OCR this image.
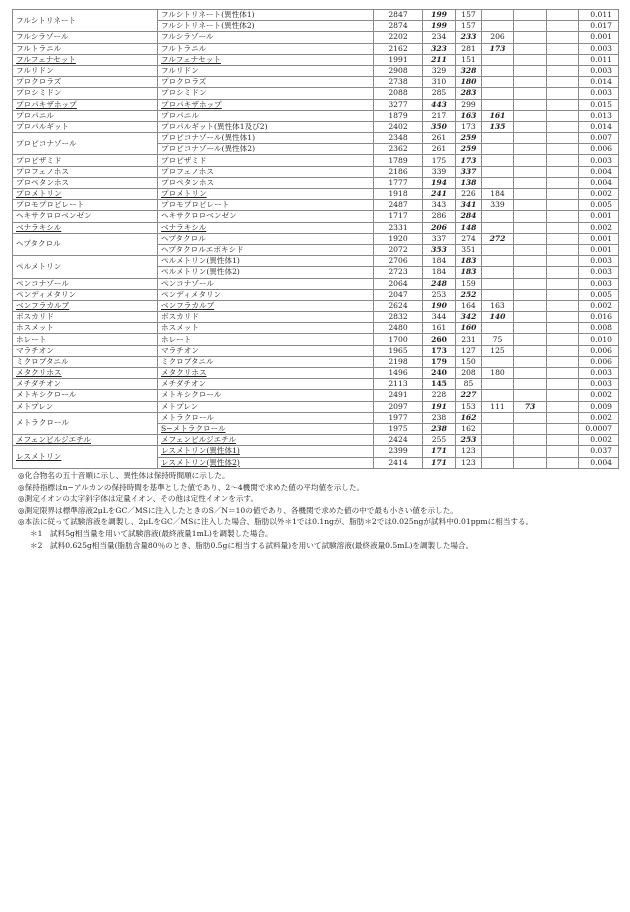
フルシトリネート	フルシトリネート(異性体1)	2847	199	157				0.011
	フルシトリネート(異性体2)	2874	199	157				0.017
フルシラゾール	フルシラゾール	2202	234	233	206			0.001
フルトラニル	フルトラニル	2162	323	281	173			0.003
フルフェナセット	フルフェナセット	1991	211	151				0.011
フルリドン	フルリドン	2908	329	328				0.003
プロクロラズ	プロクロラズ	2738	310	180				0.014
プロシミドン	プロシミドン	2088	285	283				0.003
プロパキザホップ	プロパキザホップ	3277	443	299				0.015
プロパニル	プロパニル	1879	217	163	161			0.013
プロパルギット	プロパルギット(異性体1及び2)	2402	350	173	135			0.014
プロピコナゾール	プロピコナゾール(異性体1)	2348	261	259				0.007
	プロピコナゾール(異性体2)	2362	261	259				0.006
プロピザミド	プロピザミド	1789	175	173				0.003
プロフェノホス	プロフェノホス	2186	339	337				0.004
プロペタンホス	プロペタンホス	1777	194	138				0.004
プロメトリン	プロメトリン	1918	241	226	184			0.002
プロモプロピレート	プロモプロピレート	2487	343	341	339			0.005
ヘキサクロロベンゼン	ヘキサクロロベンゼン	1717	286	284				0.001
ベナラキシル	ベナラキシル	2331	206	148				0.002
ヘプタクロル	ヘプタクロル	1920	337	274	272			0.001
	ヘプタクロルエポキシド	2072	353	351				0.001
ペルメトリン	ペルメトリン(異性体1)	2706	184	183				0.003
	ペルメトリン(異性体2)	2723	184	183				0.003
ペンコナゾール	ペンコナゾール	2064	248	159				0.003
ペンディメタリン	ペンディメタリン	2047	253	252				0.005
ベンフラカルブ	ベンフラカルブ	2624	190	164	163			0.002
ボスカリド	ボスカリド	2832	344	342	140			0.016
ホスメット	ホスメット	2480	161	160				0.008
ホレート	ホレート	1700	260	231	75			0.010
マラチオン	マラチオン	1965	173	127	125			0.006
ミクロブタニル	ミクロブタニル	2198	179	150				0.006
メタクリホス	メタクリホス	1496	240	208	180			0.003
メチダチオン	メチダチオン	2113	145	85				0.003
メトキシクロール	メトキシクロール	2491	228	227				0.002
メトプレン	メトプレン	2097	191	153	111	73		0.009
メトラクロール	メトラクロール	1977	238	162				0.002
	S−メトラクロール	1975	238	162				0.0007
メフェンビルジエチル	メフェンビルジエチル	2424	255	253				0.002
レスメトリン	レスメトリン(異性体1)	2399	171	123				0.037
	レスメトリン(異性体2)	2414	171	123				0.004
◎化合物名の五十音順に示し、異性体は保持時間順に示した。
◎保持指標はn−アルカンの保持時間を基準とした値であり、2〜4機関で求めた値の平均値を示した。
◎測定イオンの太字斜字体は定量イオン、その他は定性イオンを示す。
◎測定限界は標準溶液2μLをGC／MSに注入したときのS／N＝10の値であり、各機関で求めた値の中で最も小さい値を示した。
◎本法に従って試験溶液を調製し、2μLをGC／MSに注入した場合、脂肪以外＊1では0.1ngが、脂肪＊2では0.025ngが試料中0.01ppmに相当する。
＊1　試料5g相当量を用いて試験溶液(最終液量1mL)を調製した場合。
＊2　試料0.625g相当量(脂肪含量80％のとき、脂肪0.5gに相当する試料量)を用いて試験溶液(最終液量0.5mL)を調製した場合。
